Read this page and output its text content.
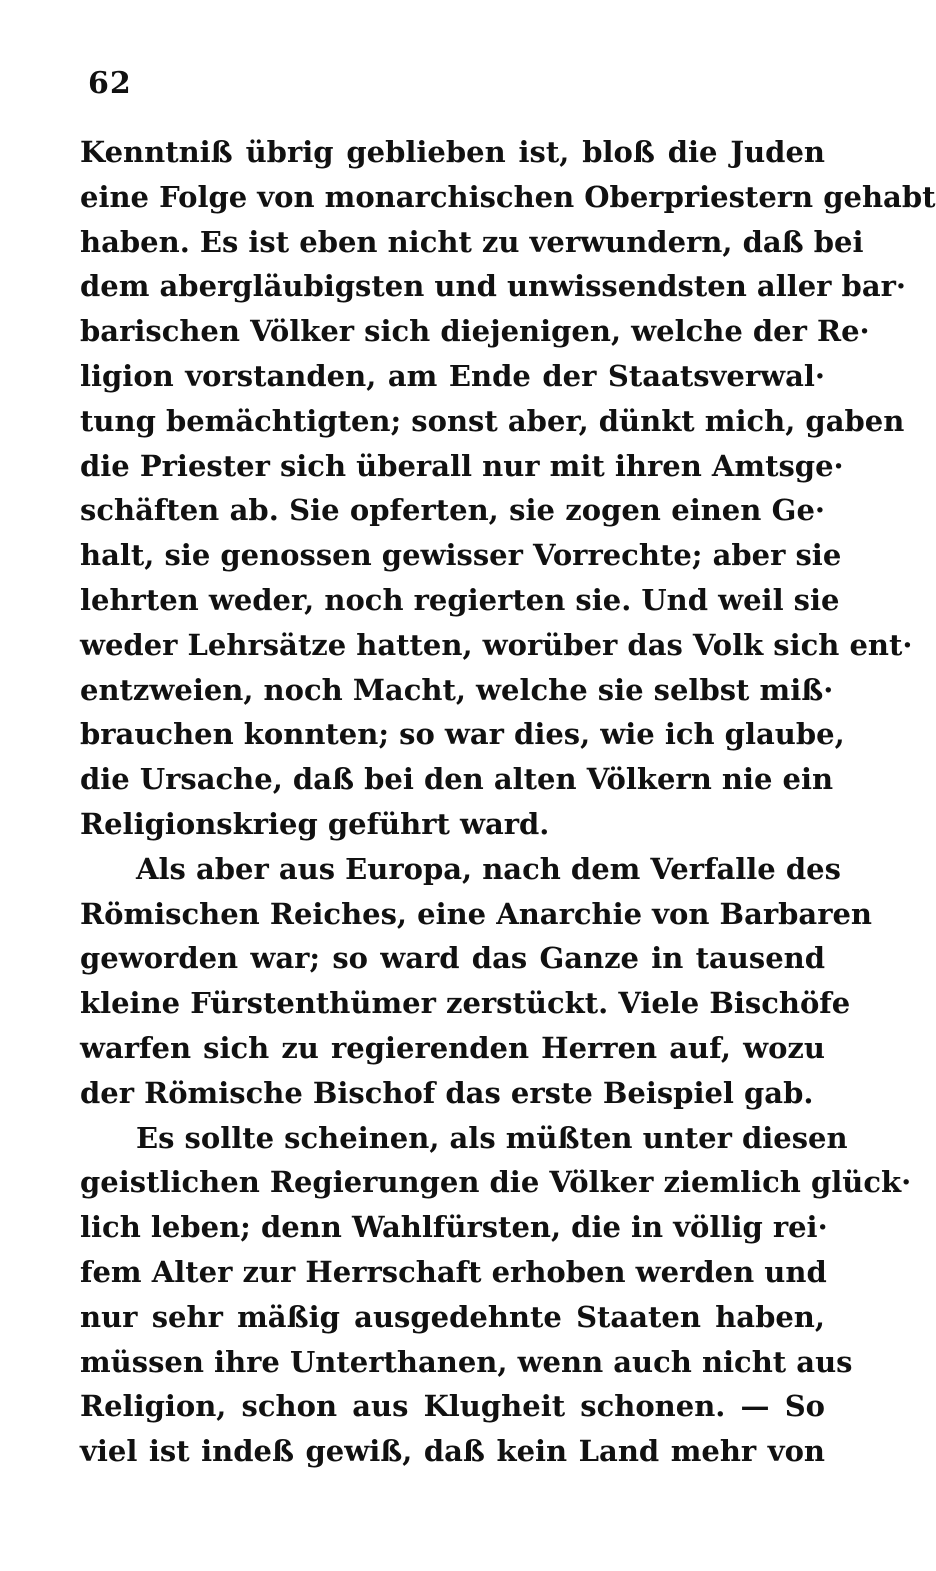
62
Kenntniß übrig geblieben ist, bloß die Juden
eine Folge von monarchischen Oberpriestern gehabt
haben. Es ist eben nicht zu verwundern, daß bei
dem abergläubigsten und unwissendsten aller bar·
barischen Völker sich diejenigen, welche der Re·
ligion vorstanden, am Ende der Staatsverwal·
tung bemächtigten; sonst aber, dünkt mich, gaben
die Priester sich überall nur mit ihren Amtsge·
schäften ab. Sie opferten, sie zogen einen Ge·
halt, sie genossen gewisser Vorrechte; aber sie
lehrten weder, noch regierten sie. Und weil sie
weder Lehrsätze hatten, worüber das Volk sich ent·
entzweien, noch Macht, welche sie selbst miß·
brauchen konnten; so war dies, wie ich glaube,
die Ursache, daß bei den alten Völkern nie ein
Religionskrieg geführt ward.
Als aber aus Europa, nach dem Verfalle des
Römischen Reiches, eine Anarchie von Barbaren
geworden war; so ward das Ganze in tausend
kleine Fürstenthümer zerstückt. Viele Bischöfe
warfen sich zu regierenden Herren auf, wozu
der Römische Bischof das erste Beispiel gab.
Es sollte scheinen, als müßten unter diesen
geistlichen Regierungen die Völker ziemlich glück·
lich leben; denn Wahlfürsten, die in völlig rei·
fem Alter zur Herrschaft erhoben werden und
nur sehr mäßig ausgedehnte Staaten haben,
müssen ihre Unterthanen, wenn auch nicht aus
Religion, schon aus Klugheit schonen. — So
viel ist indeß gewiß, daß kein Land mehr von
